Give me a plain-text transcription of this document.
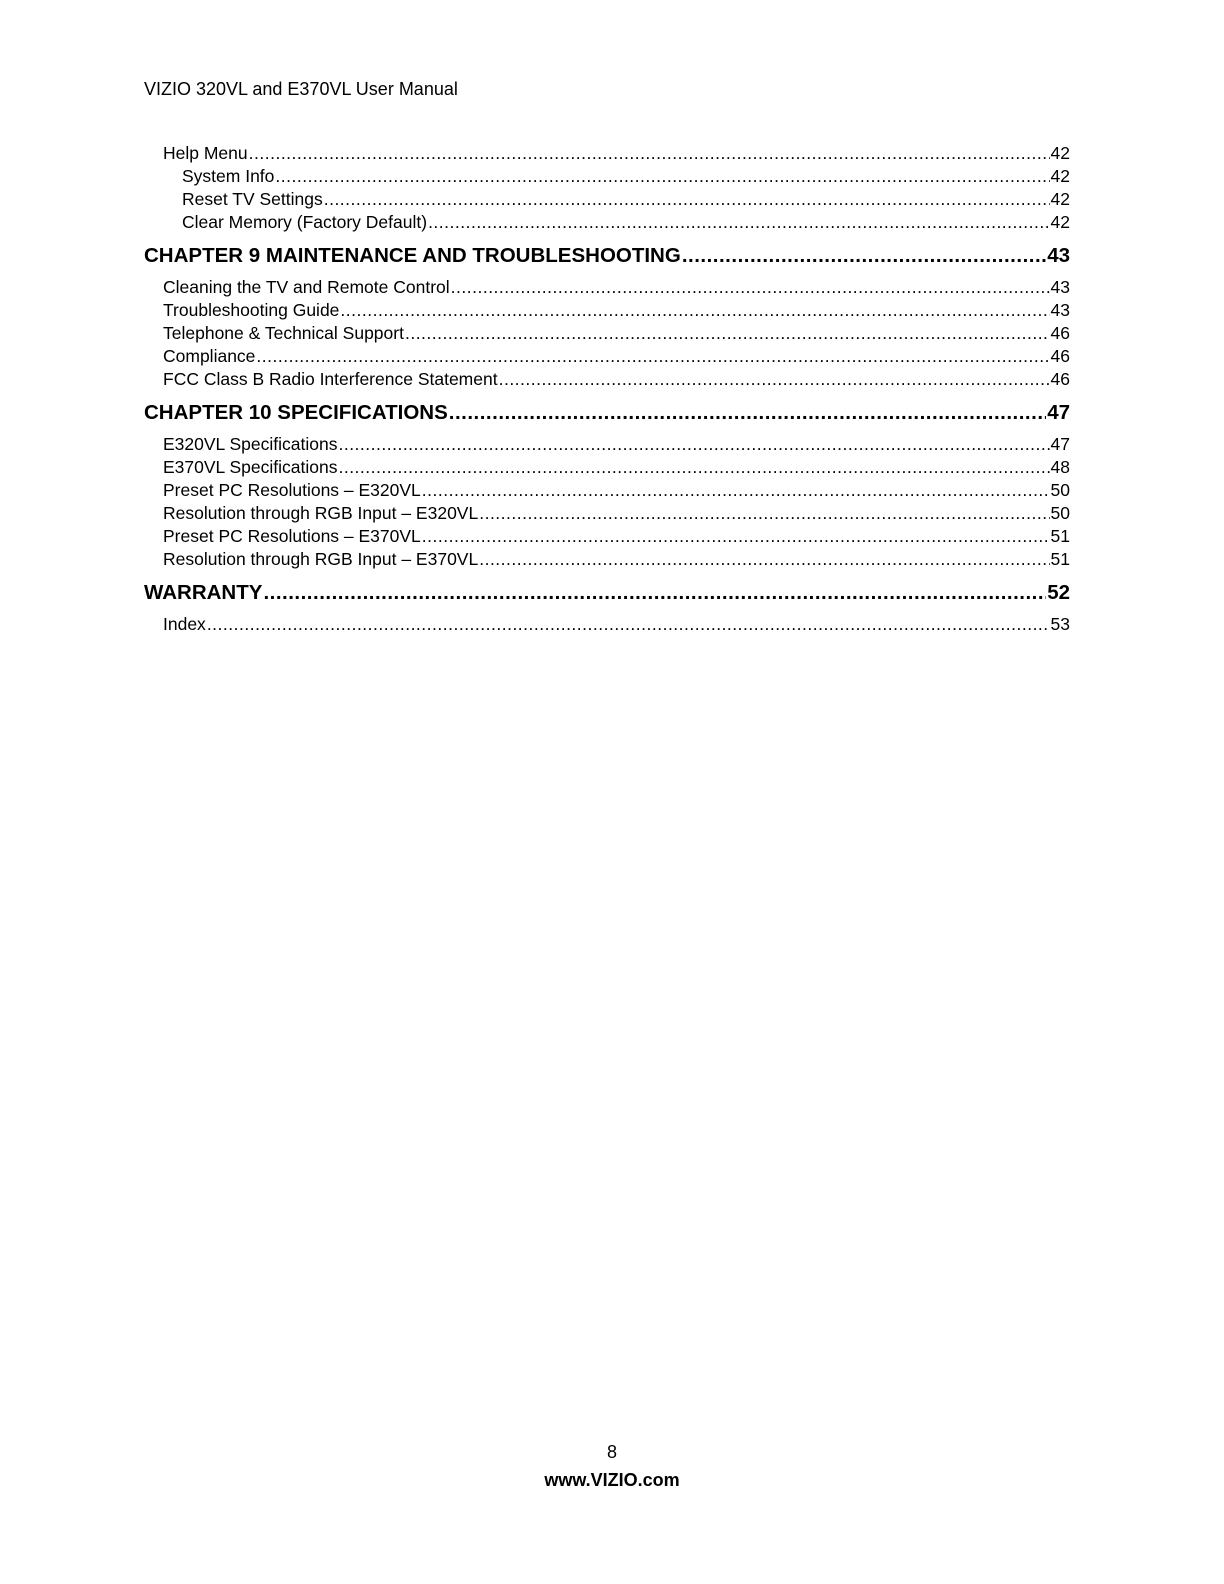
VIZIO 320VL and E370VL User Manual
Help Menu .....	42
System Info .....	42
Reset TV Settings .....	42
Clear Memory (Factory Default) .....	42
CHAPTER 9 MAINTENANCE AND TROUBLESHOOTING .....	43
Cleaning the TV and Remote Control .....	43
Troubleshooting Guide .....	43
Telephone & Technical Support .....	46
Compliance .....	46
FCC Class B Radio Interference Statement .....	46
CHAPTER 10 SPECIFICATIONS .....	47
E320VL Specifications .....	47
E370VL Specifications .....	48
Preset PC Resolutions – E320VL .....	50
Resolution through RGB Input – E320VL .....	50
Preset PC Resolutions – E370VL .....	51
Resolution through RGB Input – E370VL .....	51
WARRANTY .....	52
Index .....	53
8
www.VIZIO.com
